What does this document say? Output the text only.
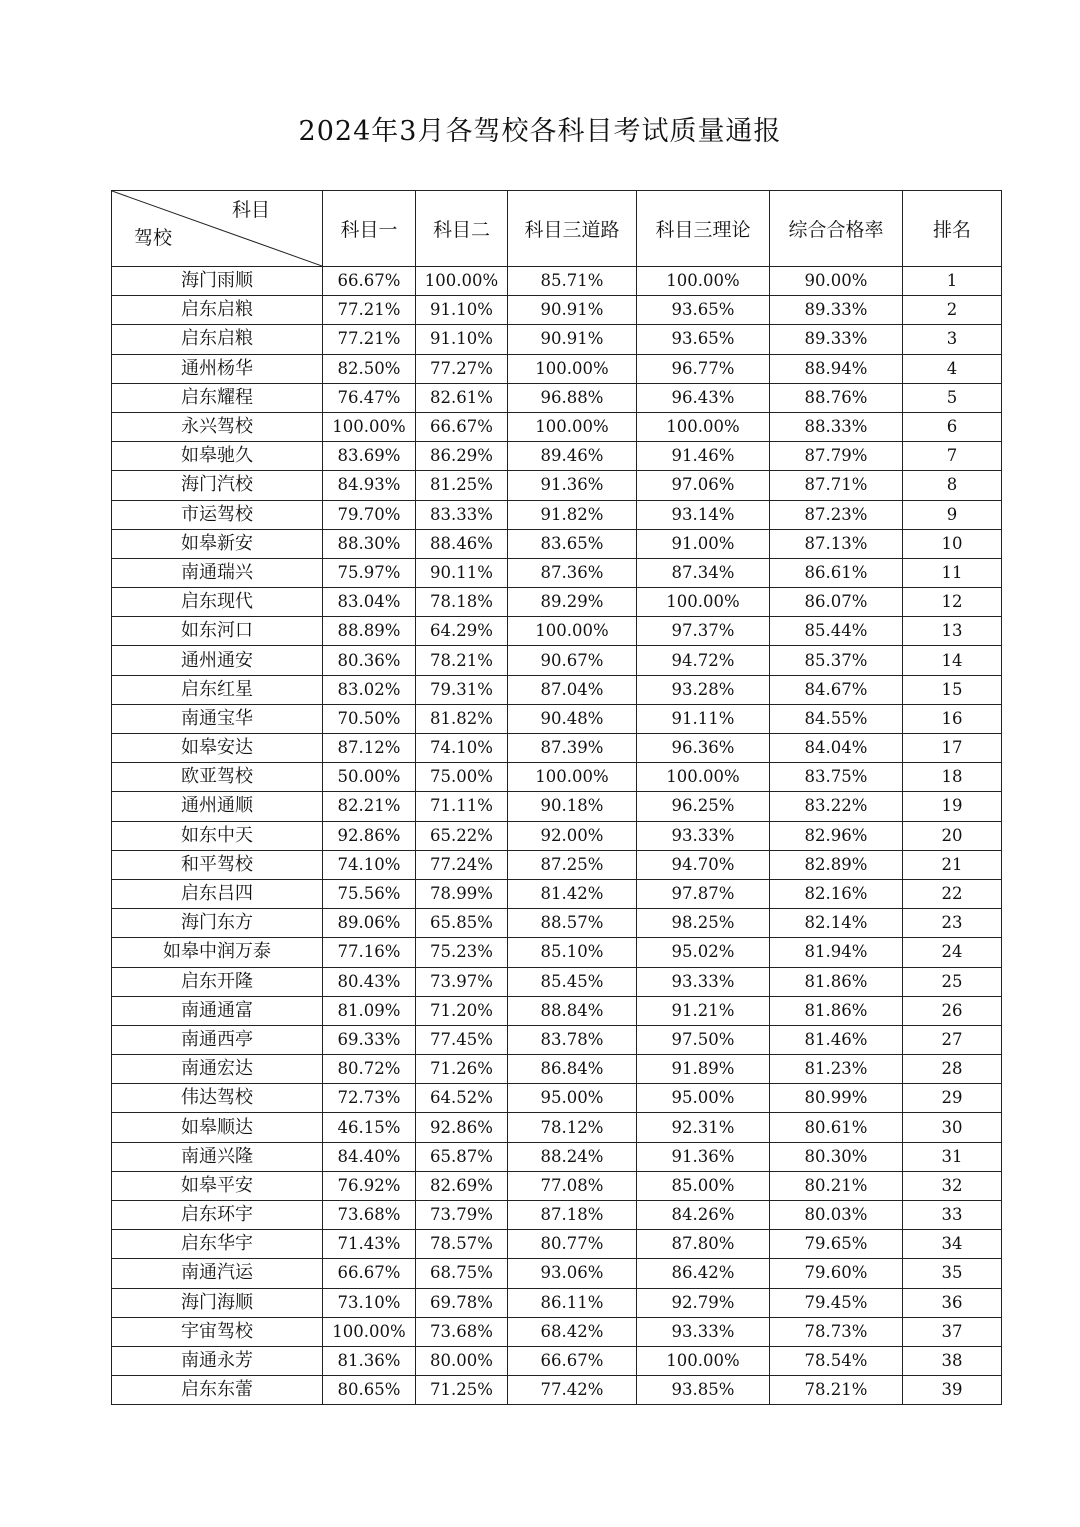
2024年3月各驾校各科目考试质量通报
科目
驾校	科目一	科目二	科目三道路	科目三理论	综合合格率	排名
海门雨顺	66.67%	100.00%	85.71%	100.00%	90.00%	1
启东启粮	77.21%	91.10%	90.91%	93.65%	89.33%	2
启东启粮	77.21%	91.10%	90.91%	93.65%	89.33%	3
通州杨华	82.50%	77.27%	100.00%	96.77%	88.94%	4
启东耀程	76.47%	82.61%	96.88%	96.43%	88.76%	5
永兴驾校	100.00%	66.67%	100.00%	100.00%	88.33%	6
如皋驰久	83.69%	86.29%	89.46%	91.46%	87.79%	7
海门汽校	84.93%	81.25%	91.36%	97.06%	87.71%	8
市运驾校	79.70%	83.33%	91.82%	93.14%	87.23%	9
如皋新安	88.30%	88.46%	83.65%	91.00%	87.13%	10
南通瑞兴	75.97%	90.11%	87.36%	87.34%	86.61%	11
启东现代	83.04%	78.18%	89.29%	100.00%	86.07%	12
如东河口	88.89%	64.29%	100.00%	97.37%	85.44%	13
通州通安	80.36%	78.21%	90.67%	94.72%	85.37%	14
启东红星	83.02%	79.31%	87.04%	93.28%	84.67%	15
南通宝华	70.50%	81.82%	90.48%	91.11%	84.55%	16
如皋安达	87.12%	74.10%	87.39%	96.36%	84.04%	17
欧亚驾校	50.00%	75.00%	100.00%	100.00%	83.75%	18
通州通顺	82.21%	71.11%	90.18%	96.25%	83.22%	19
如东中天	92.86%	65.22%	92.00%	93.33%	82.96%	20
和平驾校	74.10%	77.24%	87.25%	94.70%	82.89%	21
启东吕四	75.56%	78.99%	81.42%	97.87%	82.16%	22
海门东方	89.06%	65.85%	88.57%	98.25%	82.14%	23
如皋中润万泰	77.16%	75.23%	85.10%	95.02%	81.94%	24
启东开隆	80.43%	73.97%	85.45%	93.33%	81.86%	25
南通通富	81.09%	71.20%	88.84%	91.21%	81.86%	26
南通西亭	69.33%	77.45%	83.78%	97.50%	81.46%	27
南通宏达	80.72%	71.26%	86.84%	91.89%	81.23%	28
伟达驾校	72.73%	64.52%	95.00%	95.00%	80.99%	29
如皋顺达	46.15%	92.86%	78.12%	92.31%	80.61%	30
南通兴隆	84.40%	65.87%	88.24%	91.36%	80.30%	31
如皋平安	76.92%	82.69%	77.08%	85.00%	80.21%	32
启东环宇	73.68%	73.79%	87.18%	84.26%	80.03%	33
启东华宇	71.43%	78.57%	80.77%	87.80%	79.65%	34
南通汽运	66.67%	68.75%	93.06%	86.42%	79.60%	35
海门海顺	73.10%	69.78%	86.11%	92.79%	79.45%	36
宇宙驾校	100.00%	73.68%	68.42%	93.33%	78.73%	37
南通永芳	81.36%	80.00%	66.67%	100.00%	78.54%	38
启东东蕾	80.65%	71.25%	77.42%	93.85%	78.21%	39
